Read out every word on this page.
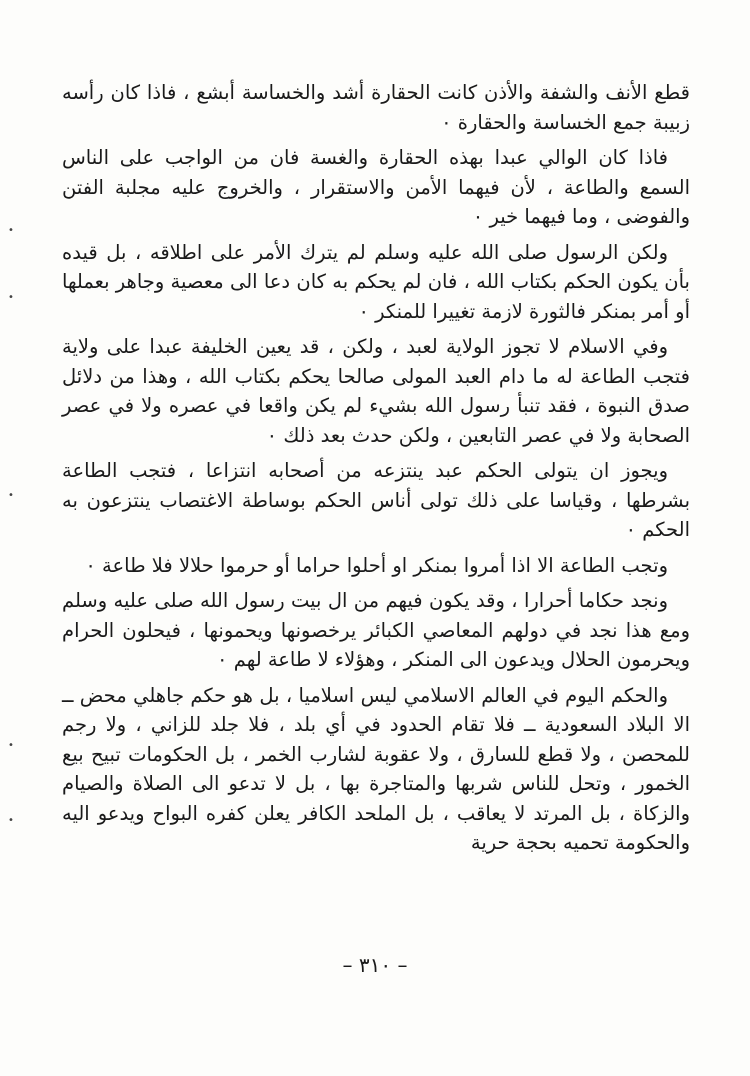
قطع الأنف والشفة والأذن كانت الحقارة أشد والخساسة أبشع ، فاذا كان رأسه زبيبة جمع الخساسة والحقارة ٠

فاذا كان الوالي عبدا بهذه الحقارة والغسة فان من الواجب على الناس السمع والطاعة ، لأن فيهما الأمن والاستقرار ، والخروج عليه مجلبة الفتن والفوضى ، وما فيهما خير ٠

ولكن الرسول صلى الله عليه وسلم لم يترك الأمر على اطلاقه ، بل قيده بأن يكون الحكم بكتاب الله ، فان لم يحكم به كان دعا الى معصية وجاهر بعملها أو أمر بمنكر فالثورة لازمة تغييرا للمنكر ٠

وفي الاسلام لا تجوز الولاية لعبد ، ولكن ، قد يعين الخليفة عبدا على ولاية فتجب الطاعة له ما دام العبد المولى صالحا يحكم بكتاب الله ، وهذا من دلائل صدق النبوة ، فقد تنبأ رسول الله بشيء لم يكن واقعا في عصره ولا في عصر الصحابة ولا في عصر التابعين ، ولكن حدث بعد ذلك ٠

ويجوز ان يتولى الحكم عبد ينتزعه من أصحابه انتزاعا ، فتجب الطاعة بشرطها ، وقياسا على ذلك تولى أناس الحكم بوساطة الاغتصاب ينتزعون به الحكم ٠

وتجب الطاعة الا اذا أمروا بمنكر او أحلوا حراما أو حرموا حلالا فلا طاعة ٠

ونجد حكاما أحرارا ، وقد يكون فيهم من ال بيت رسول الله صلى عليه وسلم ومع هذا نجد في دولهم المعاصي الكبائر يرخصونها ويحمونها ، فيحلون الحرام ويحرمون الحلال ويدعون الى المنكر ، وهؤلاء لا طاعة لهم ٠

والحكم اليوم في العالم الاسلامي ليس اسلاميا ، بل هو حكم جاهلي محض ــ الا البلاد السعودية ــ فلا تقام الحدود في أي بلد ، فلا جلد للزاني ، ولا رجم للمحصن ، ولا قطع للسارق ، ولا عقوبة لشارب الخمر ، بل الحكومات تبيح بيع الخمور ، وتحل للناس شربها والمتاجرة بها ، بل لا تدعو الى الصلاة والصيام والزكاة ، بل المرتد لا يعاقب ، بل الملحد الكافر يعلن كفره البواح ويدعو اليه والحكومة تحميه بحجة حرية

•
•
•
•
•
– ٣١٠ –
